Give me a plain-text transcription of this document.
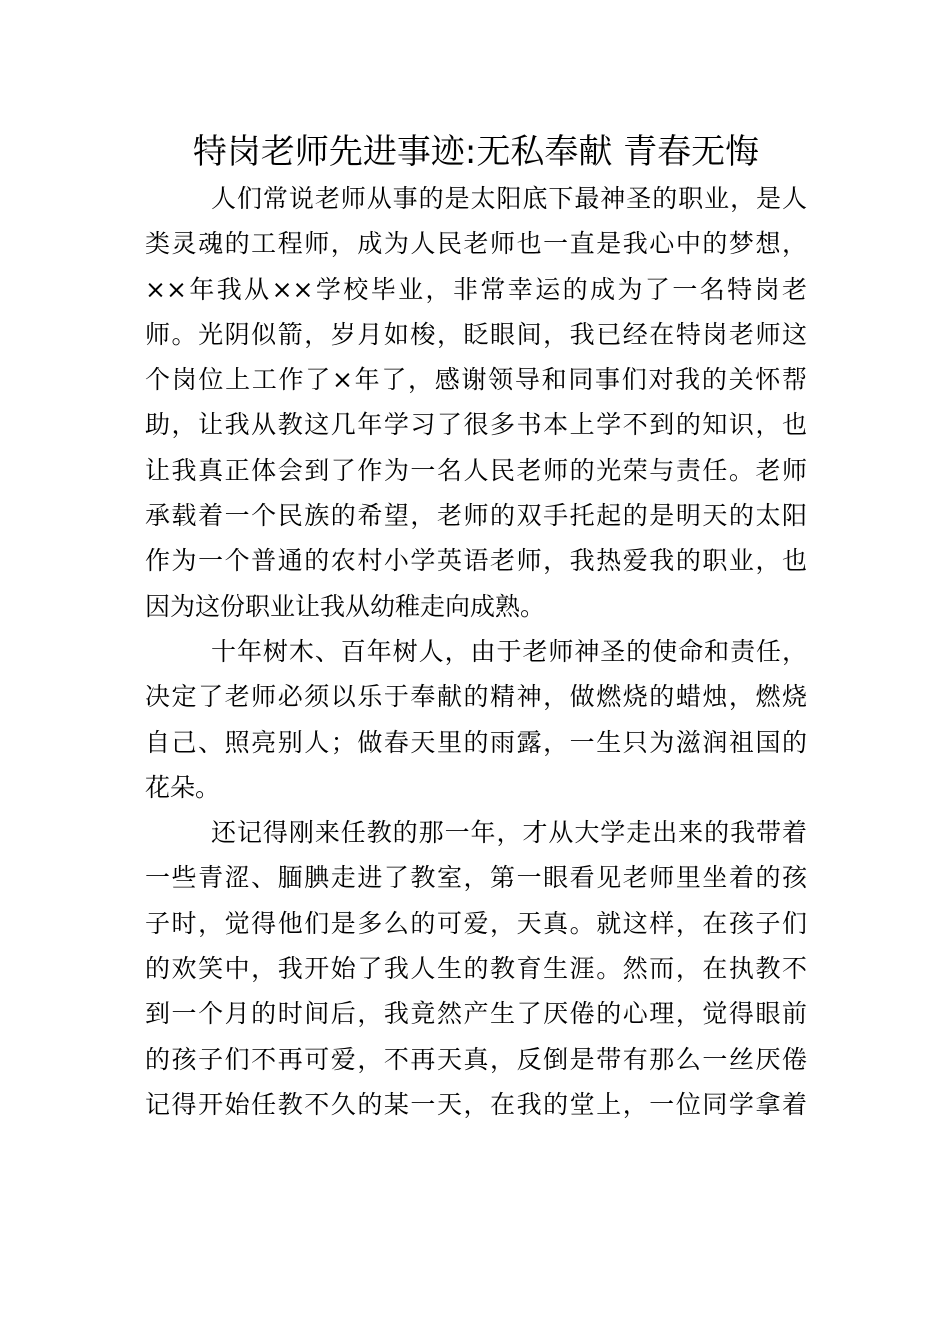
特岗老师先进事迹:无私奉献 青春无悔

人们常说老师从事的是太阳底下最神圣的职业，是人
类灵魂的工程师，成为人民老师也一直是我心中的梦想，
××年我从××学校毕业，非常幸运的成为了一名特岗老
师。光阴似箭，岁月如梭，眨眼间，我已经在特岗老师这
个岗位上工作了×年了，感谢领导和同事们对我的关怀帮
助，让我从教这几年学习了很多书本上学不到的知识，也
让我真正体会到了作为一名人民老师的光荣与责任。老师
承载着一个民族的希望，老师的双手托起的是明天的太阳
作为一个普通的农村小学英语老师，我热爱我的职业，也
因为这份职业让我从幼稚走向成熟。

十年树木、百年树人，由于老师神圣的使命和责任，
决定了老师必须以乐于奉献的精神，做燃烧的蜡烛，燃烧
自己、照亮别人；做春天里的雨露，一生只为滋润祖国的
花朵。

还记得刚来任教的那一年，才从大学走出来的我带着
一些青涩、腼腆走进了教室，第一眼看见老师里坐着的孩
子时，觉得他们是多么的可爱，天真。就这样，在孩子们
的欢笑中，我开始了我人生的教育生涯。然而，在执教不
到一个月的时间后，我竟然产生了厌倦的心理，觉得眼前
的孩子们不再可爱，不再天真，反倒是带有那么一丝厌倦
记得开始任教不久的某一天，在我的堂上，一位同学拿着
